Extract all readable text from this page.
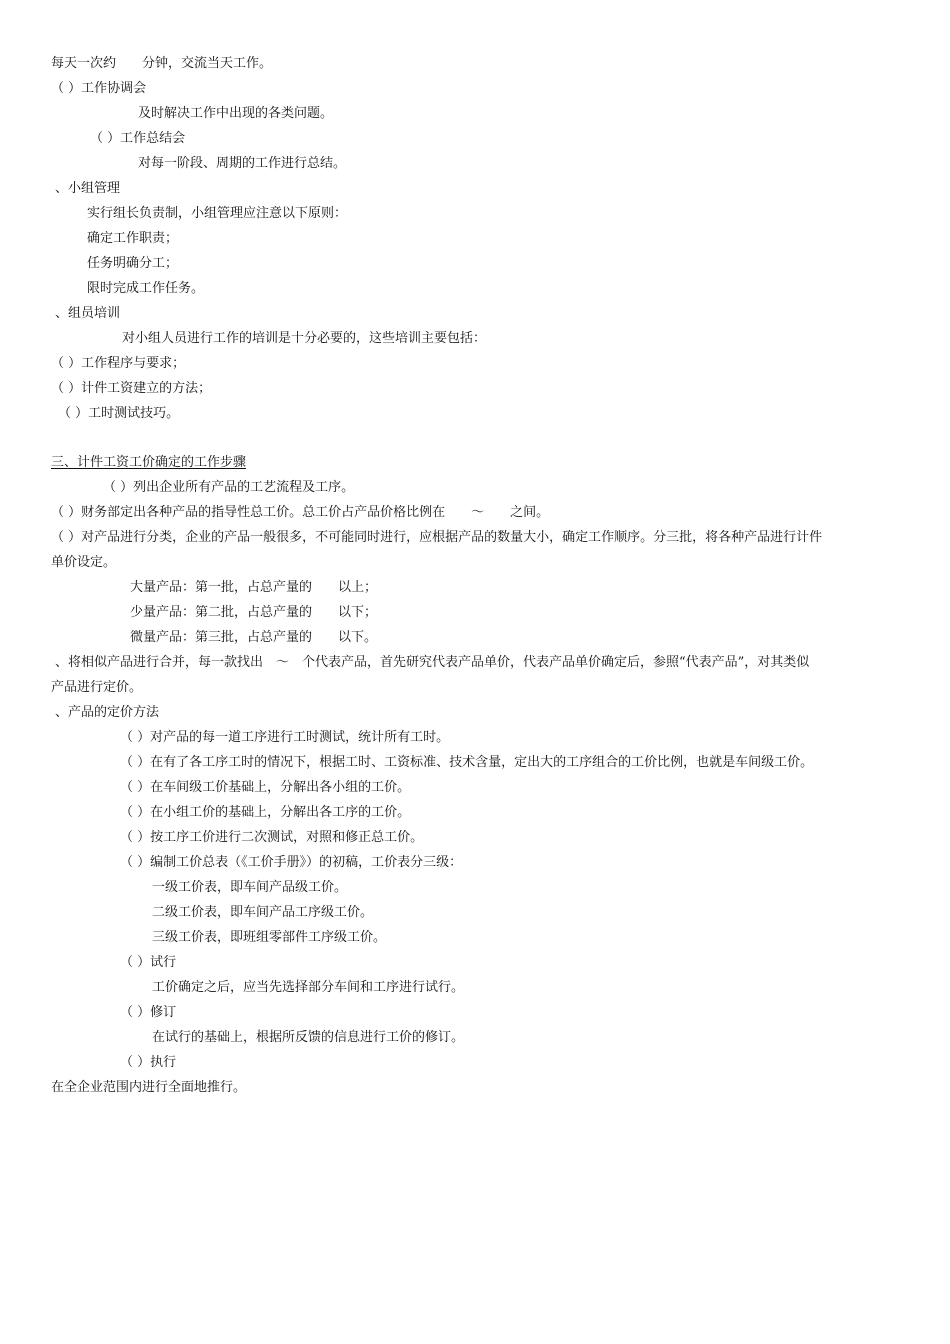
每天一次约　　分钟，交流当天工作。
（ ）工作协调会
及时解决工作中出现的各类问题。
（ ）工作总结会
对每一阶段、周期的工作进行总结。
、小组管理
实行组长负责制，小组管理应注意以下原则：
确定工作职责；
任务明确分工；
限时完成工作任务。
、组员培训
对小组人员进行工作的培训是十分必要的，这些培训主要包括：
（ ）工作程序与要求；
（ ）计件工资建立的方法；
（ ）工时测试技巧。
三、计件工资工价确定的工作步骤
（ ）列出企业所有产品的工艺流程及工序。
（ ）财务部定出各种产品的指导性总工价。总工价占产品价格比例在　　～　　之间。
（ ）对产品进行分类，企业的产品一般很多，不可能同时进行，应根据产品的数量大小，确定工作顺序。分三批，将各种产品进行计件
单价设定。
大量产品：第一批，占总产量的　　以上；
少量产品：第二批，占总产量的　　以下；
微量产品：第三批，占总产量的　　以下。
、将相似产品进行合并，每一款找出　～　个代表产品，首先研究代表产品单价，代表产品单价确定后，参照“代表产品”，对其类似
产品进行定价。
、产品的定价方法
（ ）对产品的每一道工序进行工时测试，统计所有工时。
（ ）在有了各工序工时的情况下，根据工时、工资标准、技术含量，定出大的工序组合的工价比例，也就是车间级工价。
（ ）在车间级工价基础上，分解出各小组的工价。
（ ）在小组工价的基础上，分解出各工序的工价。
（ ）按工序工价进行二次测试，对照和修正总工价。
（ ）编制工价总表（《工价手册》）的初稿，工价表分三级：
一级工价表，即车间产品级工价。
二级工价表，即车间产品工序级工价。
三级工价表，即班组零部件工序级工价。
（ ）试行
工价确定之后，应当先选择部分车间和工序进行试行。
（ ）修订
在试行的基础上，根据所反馈的信息进行工价的修订。
（ ）执行
在全企业范围内进行全面地推行。
